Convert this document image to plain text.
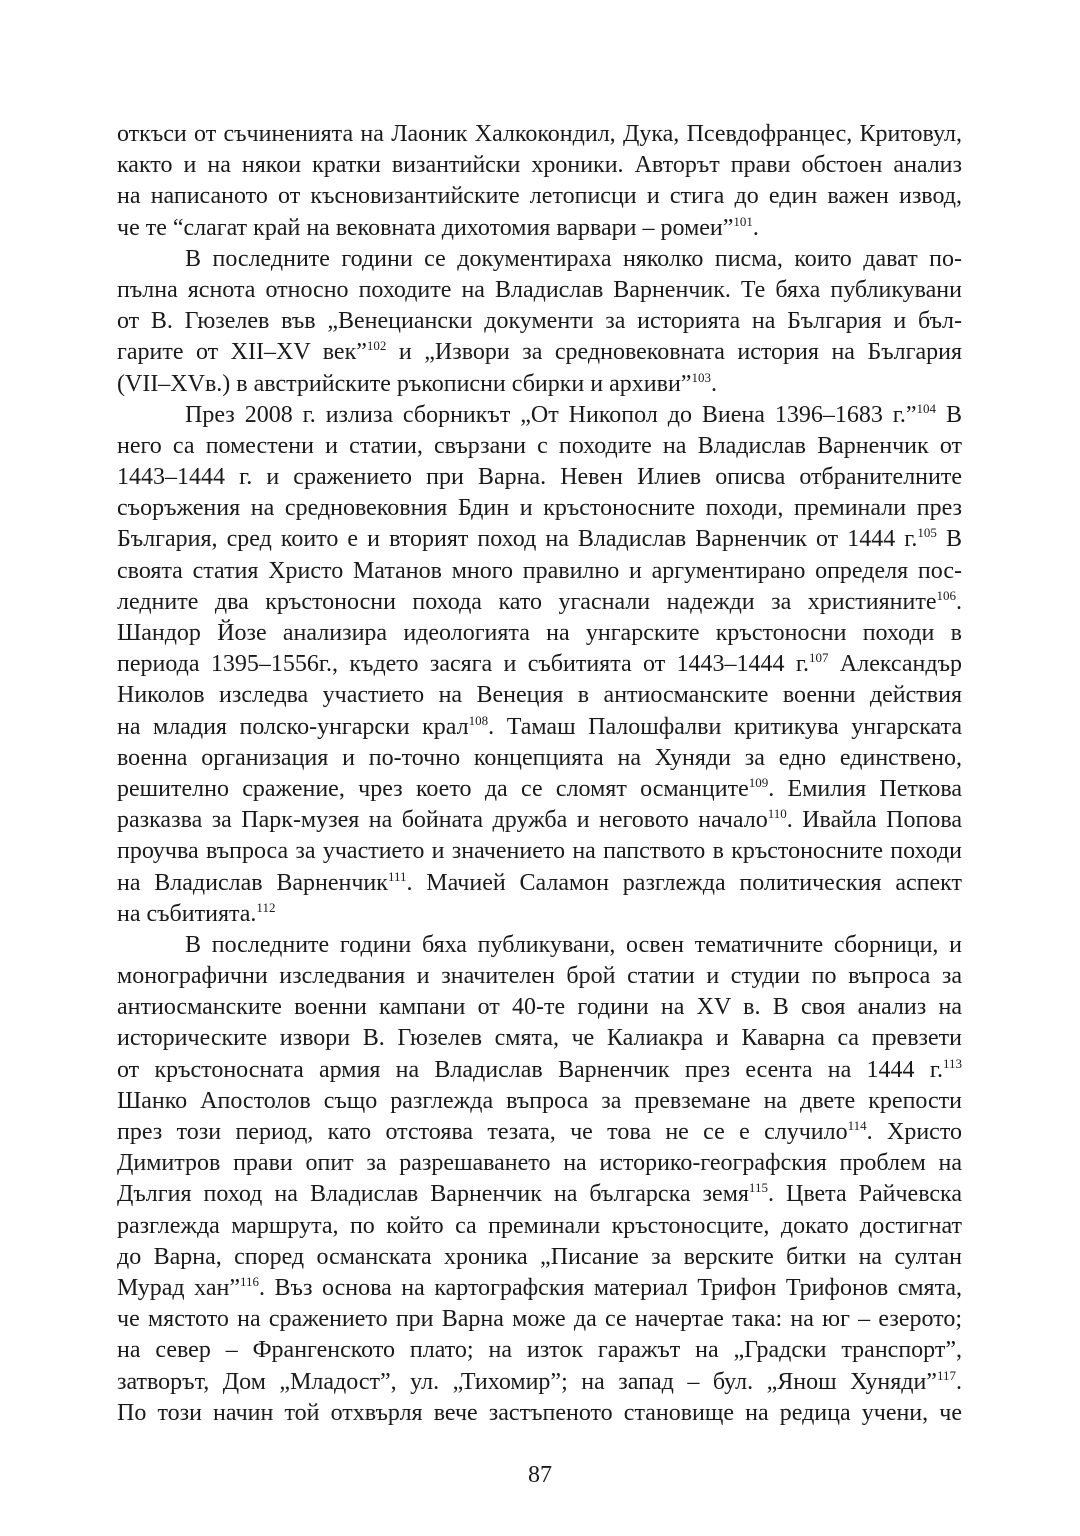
откъси от съчиненията на Лаоник Халкокондил, Дука, Псевдофранцес, Критовул,
както и на някои кратки византийски хроники. Авторът прави обстоен анализ
на написаното от късновизантийските летописци и стига до един важен извод,
че те “слагат край на вековната дихотомия варвари – ромеи”$^{101}$.
В последните години се документираха няколко писма, които дават по-
пълна яснота относно походите на Владислав Варненчик. Те бяха публикувани
от В. Гюзелев във „Венециански документи за историята на България и бъл-
гарите от XII–XV век”$^{102}$ и „Извори за средновековната история на България
(VII–XVв.) в австрийските ръкописни сбирки и архиви”$^{103}$.
През 2008 г. излиза сборникът „От Никопол до Виена 1396–1683 г.”$^{104}$ В
него са поместени и статии, свързани с походите на Владислав Варненчик от
1443–1444 г. и сражението при Варна. Невен Илиев описва отбранителните
съоръжения на средновековния Бдин и кръстоносните походи, преминали през
България, сред които е и вторият поход на Владислав Варненчик от 1444 г.$^{105}$ В
своята статия Христо Матанов много правилно и аргументирано определя пос-
ледните два кръстоносни похода като угаснали надежди за християните$^{106}$.
Шандор Йозе анализира идеологията на унгарските кръстоносни походи в
периода 1395–1556г., където засяга и събитията от 1443–1444 г.$^{107}$ Александър
Николов изследва участието на Венеция в антиосманските военни действия
на младия полско-унгарски крал$^{108}$. Тамаш Палошфалви критикува унгарската
военна организация и по-точно концепцията на Хуняди за едно единствено,
решително сражение, чрез което да се сломят османците$^{109}$. Емилия Петкова
разказва за Парк-музея на бойната дружба и неговото начало$^{110}$. Ивайла Попова
проучва въпроса за участието и значението на папството в кръстоносните походи
на Владислав Варненчик$^{111}$. Мачией Саламон разглежда политическия аспект
на събитията.$^{112}$
В последните години бяха публикувани, освен тематичните сборници, и
монографични изследвания и значителен брой статии и студии по въпроса за
антиосманските военни кампани от 40-те години на XV в. В своя анализ на
историческите извори В. Гюзелев смята, че Калиакра и Каварна са превзети
от кръстоносната армия на Владислав Варненчик през есента на 1444 г.$^{113}$
Шанко Апостолов също разглежда въпроса за превземане на двете крепости
през този период, като отстоява тезата, че това не се е случило$^{114}$. Христо
Димитров прави опит за разрешаването на историко-географския проблем на
Дългия поход на Владислав Варненчик на българска земя$^{115}$. Цвета Райчевска
разглежда маршрута, по който са преминали кръстоносците, докато достигнат
до Варна, според османската хроника „Писание за верските битки на султан
Мурад хан”$^{116}$. Въз основа на картографския материал Трифон Трифонов смята,
че мястото на сражението при Варна може да се начертае така: на юг – езерото;
на север – Франгенското плато; на изток гаражът на „Градски транспорт”,
затворът, Дом „Младост”, ул. „Тихомир”; на запад – бул. „Янош Хуняди”$^{117}$.
По този начин той отхвърля вече застъпеното становище на редица учени, че
87
